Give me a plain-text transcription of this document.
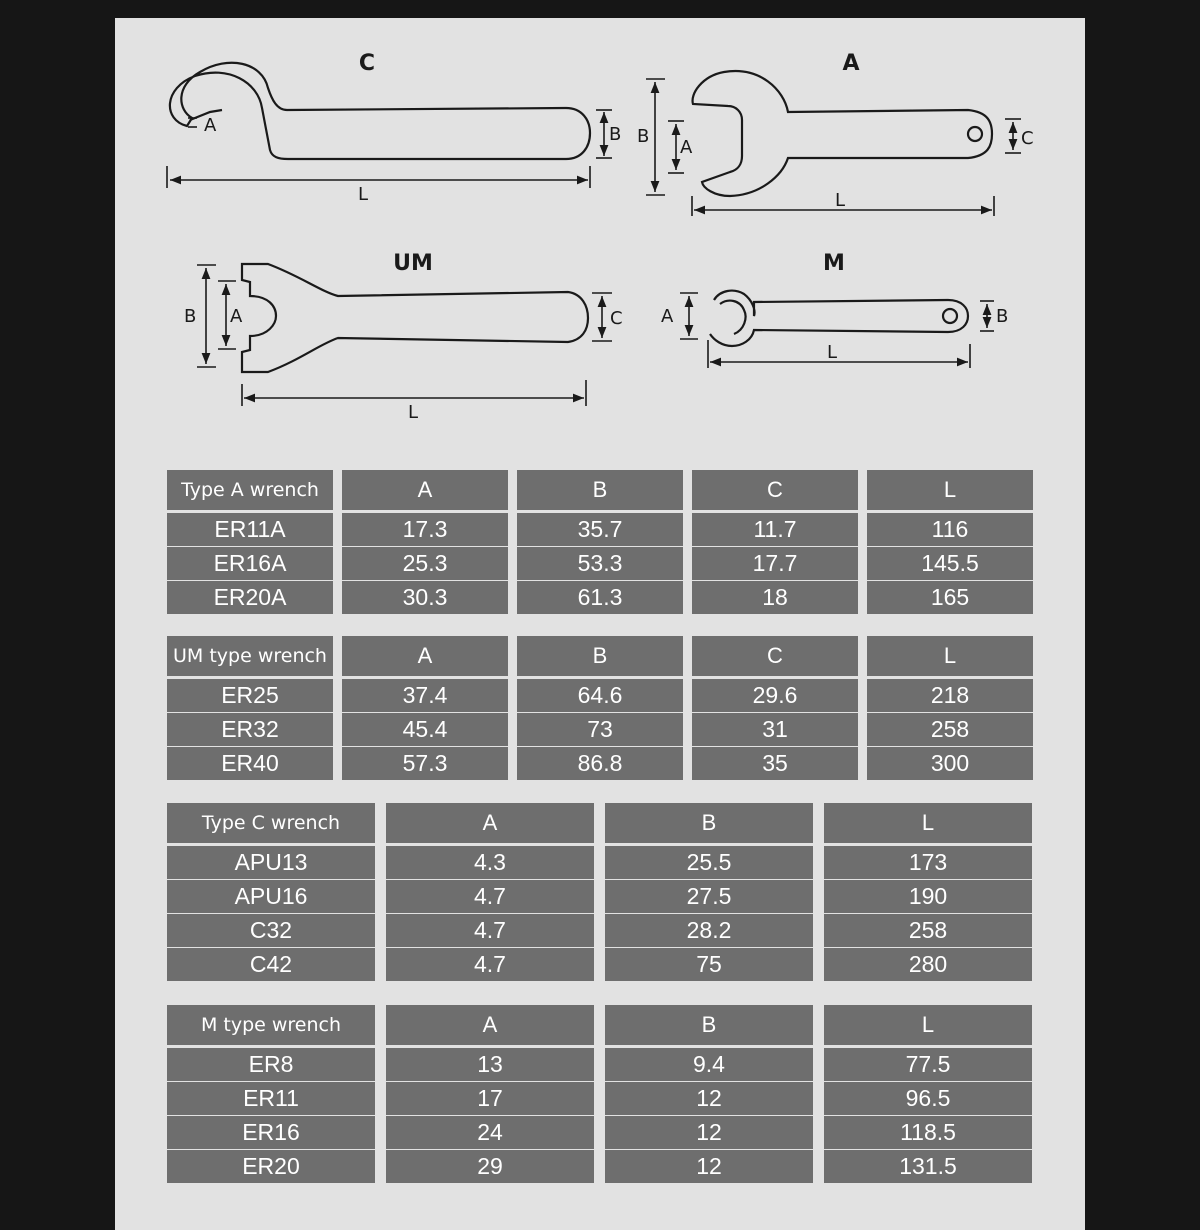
C
A	B
L
A
B
A	C
L
UM
B A	C
L
M
A	B
L
Type A wrench	A	B	C	L
ER11A	17.3	35.7	11.7	116
ER16A	25.3	53.3	17.7	145.5
ER20A	30.3	61.3	18	165
UM type wrench	A	B	C	L
ER25	37.4	64.6	29.6	218
ER32	45.4	73	31	258
ER40	57.3	86.8	35	300
Type C wrench	A	B	L
APU13	4.3	25.5	173
APU16	4.7	27.5	190
C32	4.7	28.2	258
C42	4.7	75	280
M type wrench	A	B	L
ER8	13	9.4	77.5
ER11	17	12	96.5
ER16	24	12	118.5
ER20	29	12	131.5
